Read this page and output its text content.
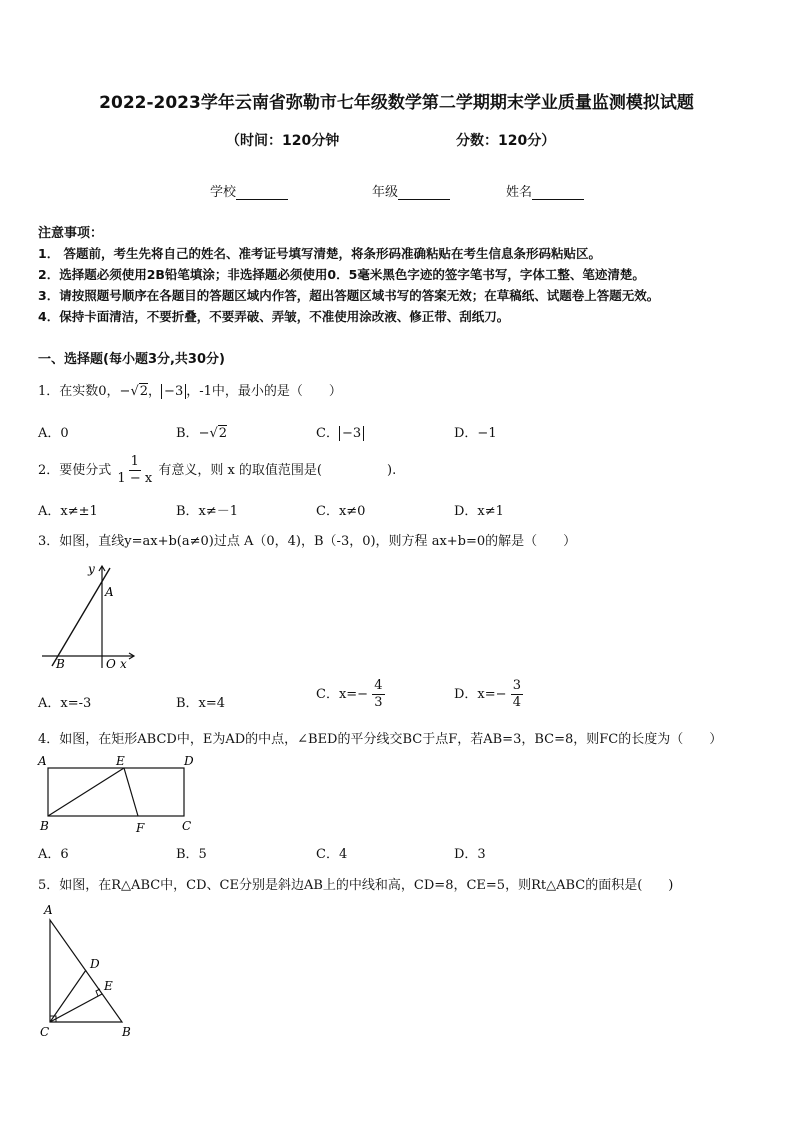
2022-2023学年云南省弥勒市七年级数学第二学期期末学业质量监测模拟试题
（时间：120分钟	分数：120分）
学校	年级	姓名
注意事项：
1． 答题前，考生先将自己的姓名、准考证号填写清楚，将条形码准确粘贴在考生信息条形码粘贴区。
2．选择题必须使用2B铅笔填涂；非选择题必须使用0．5毫米黑色字迹的签字笔书写，字体工整、笔迹清楚。
3．请按照题号顺序在各题目的答题区域内作答，超出答题区域书写的答案无效；在草稿纸、试题卷上答题无效。
4．保持卡面清洁，不要折叠，不要弄破、弄皱，不准使用涂改液、修正带、刮纸刀。
一、选择题(每小题3分,共30分)
1．在实数0，−√2， −3 ，-1中，最小的是（　　）
A．0	B．−√2	C． −3	D．−1
2．要使分式 $\frac{1}{1 - x}$ 有意义，则 x 的取值范围是(　　　　　).
A．x≠±1	B．x≠－1	C．x≠0	D．x≠1
3．如图，直线y=ax+b(a≠0)过点 A（0，4)，B（-3，0)，则方程 ax+b=0的解是（　　）
y
A
B	O x
A．x=-3	B．x=4
C．$x=- \frac{4}{3}$	D．$x=- \frac{3}{4}$
4．如图，在矩形ABCD中，E为AD的中点，∠BED的平分线交BC于点F，若AB=3，BC=8，则FC的长度为（　　）
A	E	D
B	F	C
A．6	B．5	C．4	D．3
5．如图，在R△ABC中，CD、CE分别是斜边AB上的中线和高，CD=8，CE=5，则Rt△ABC的面积是(　　)
A
D
E
C	B
